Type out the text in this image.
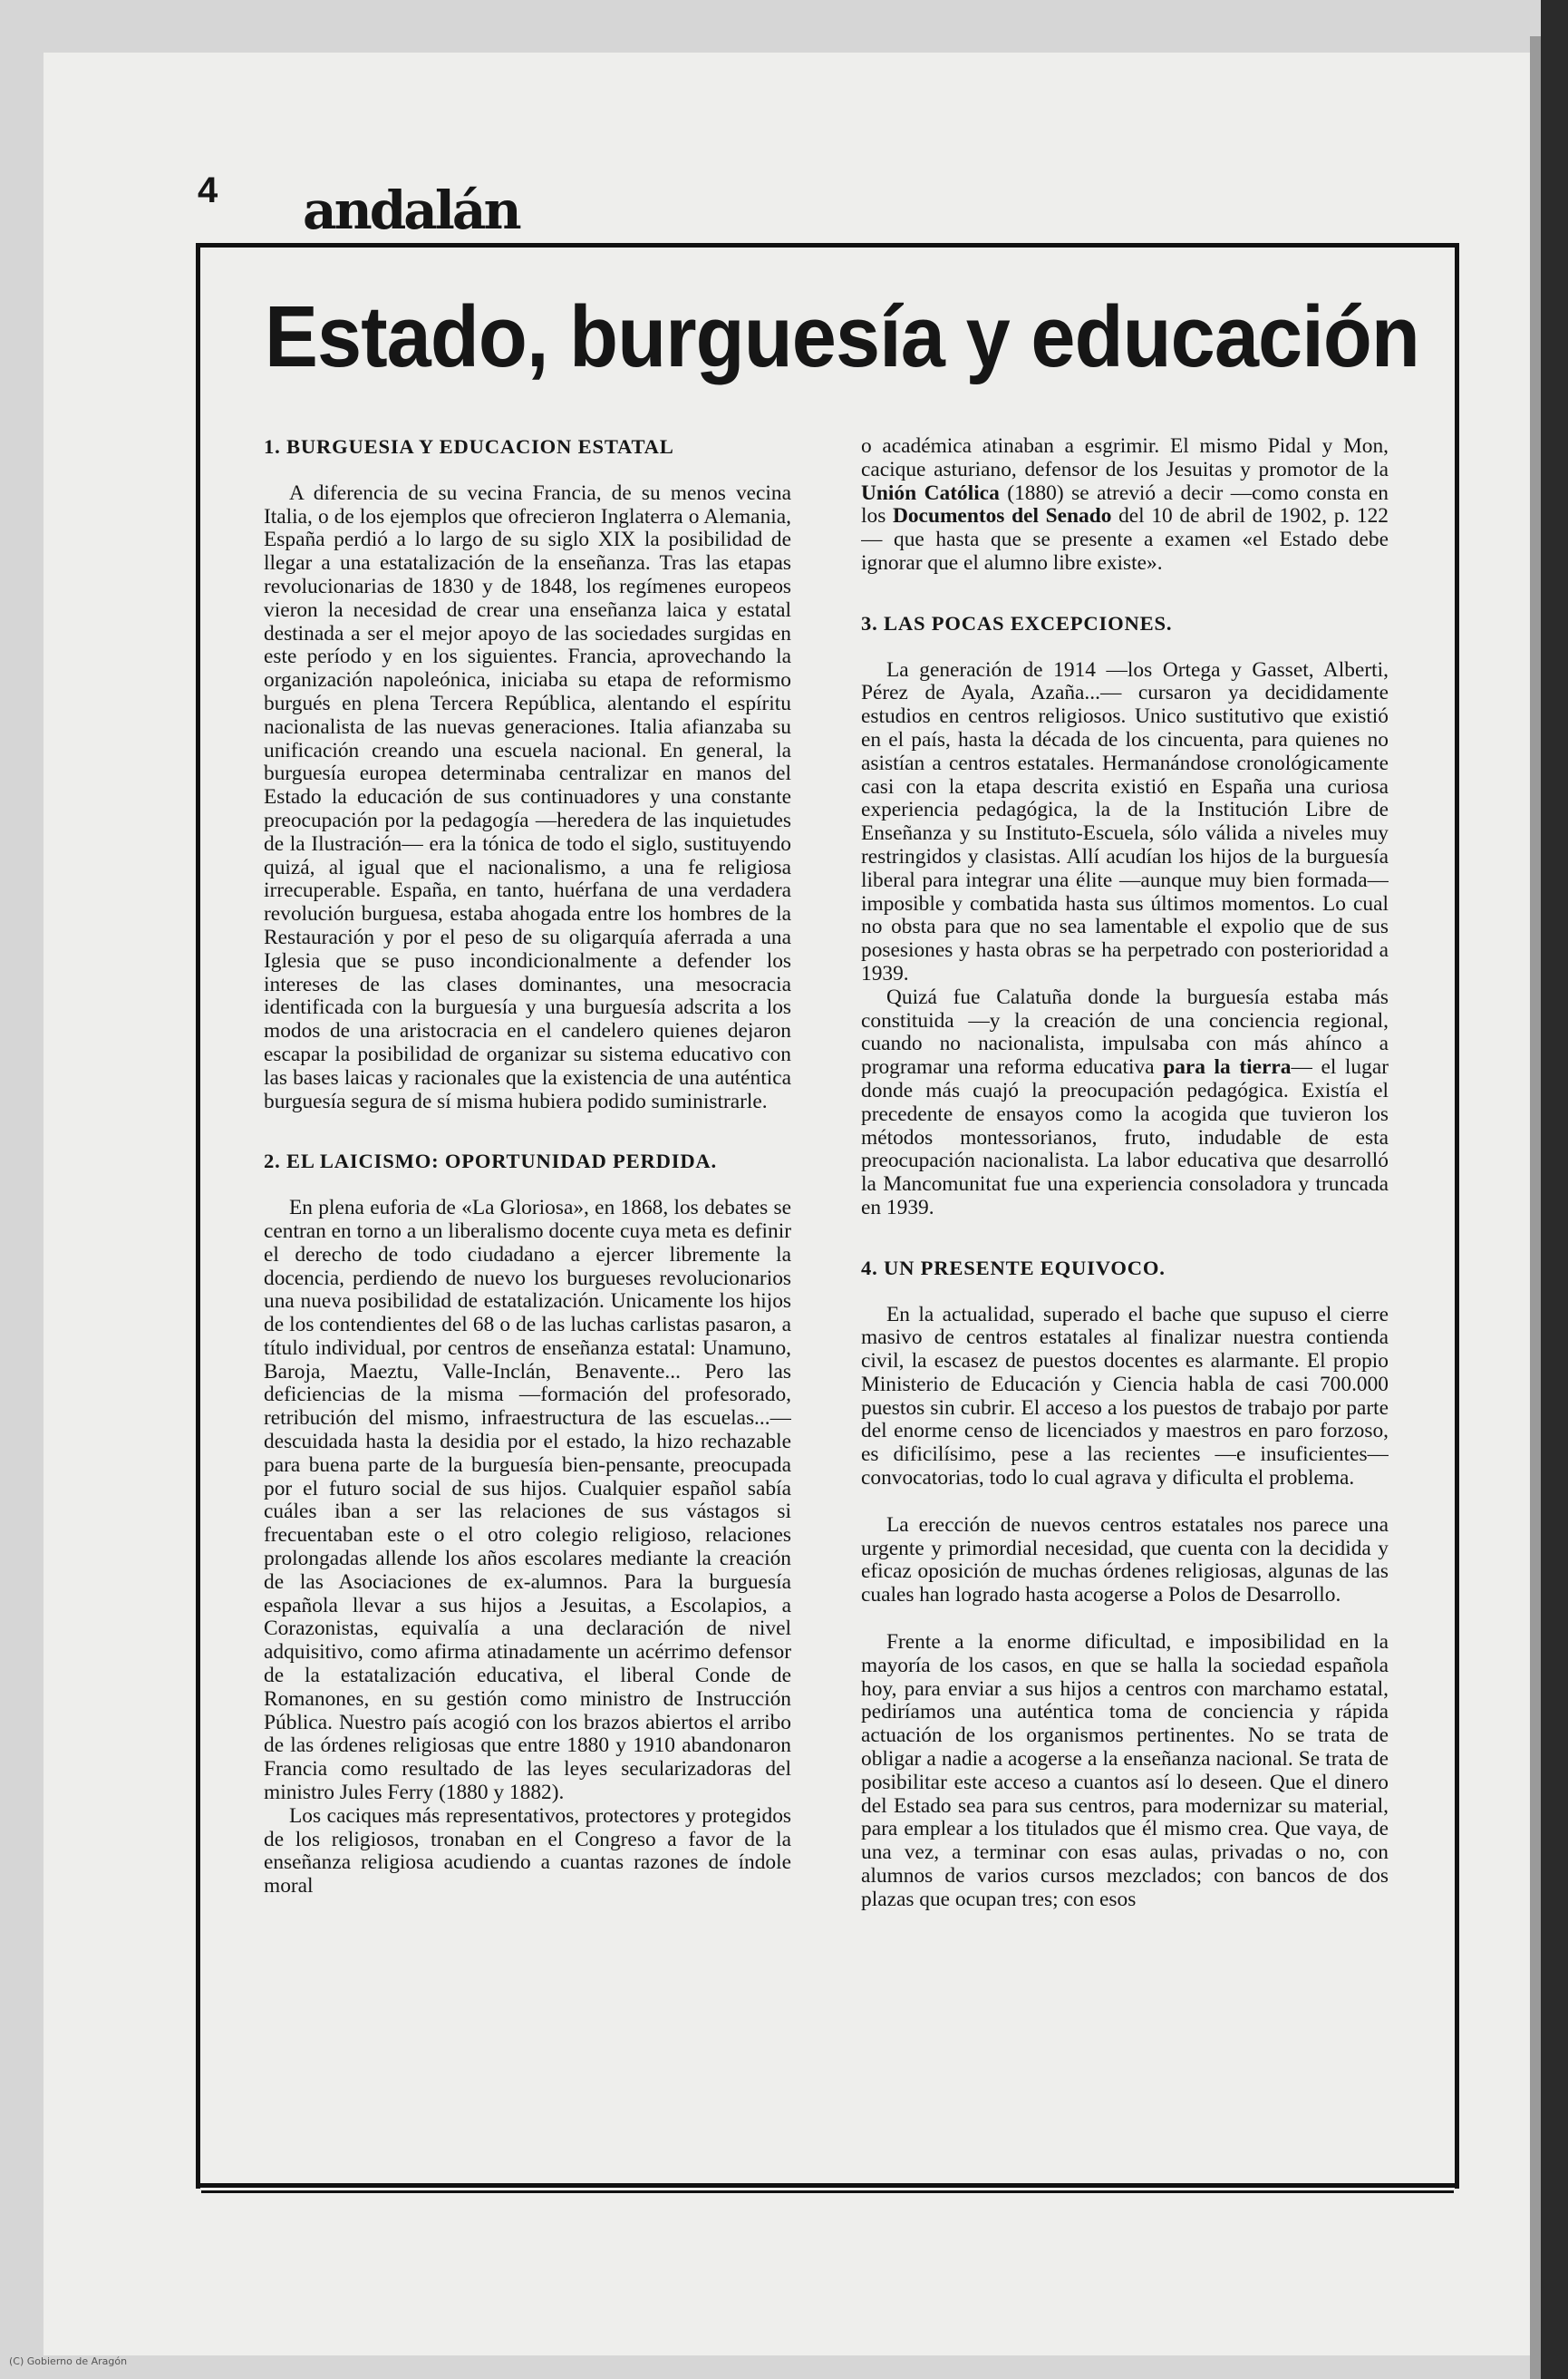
4 andalán
Estado, burguesía y educación
1. BURGUESIA Y EDUCACION ESTATAL

A diferencia de su vecina Francia, de su menos vecina Italia, o de los ejemplos que ofrecieron Inglaterra o Alemania, España perdió a lo largo de su siglo XIX la posibilidad de llegar a una estatalización de la enseñanza. Tras las etapas revolucionarias de 1830 y de 1848, los regímenes europeos vieron la necesidad de crear una enseñanza laica y estatal destinada a ser el mejor apoyo de las sociedades surgidas en este período y en los siguientes. Francia, aprovechando la organización napoleónica, iniciaba su etapa de reformismo burgués en plena Tercera República, alentando el espíritu nacionalista de las nuevas generaciones. Italia afianzaba su unificación creando una escuela nacional. En general, la burguesía europea determinaba centralizar en manos del Estado la educación de sus continuadores y una constante preocupación por la pedagogía —heredera de las inquietudes de la Ilustración— era la tónica de todo el siglo, sustituyendo quizá, al igual que el nacionalismo, a una fe religiosa irrecuperable. España, en tanto, huérfana de una verdadera revolución burguesa, estaba ahogada entre los hombres de la Restauración y por el peso de su oligarquía aferrada a una Iglesia que se puso incondicionalmente a defender los intereses de las clases dominantes, una mesocracia identificada con la burguesía y una burguesía adscrita a los modos de una aristocracia en el candelero quienes dejaron escapar la posibilidad de organizar su sistema educativo con las bases laicas y racionales que la existencia de una auténtica burguesía segura de sí misma hubiera podido suministrarle.

2. EL LAICISMO: OPORTUNIDAD PERDIDA.

En plena euforia de «La Gloriosa», en 1868, los debates se centran en torno a un liberalismo docente cuya meta es definir el derecho de todo ciudadano a ejercer libremente la docencia, perdiendo de nuevo los burgueses revolucionarios una nueva posibilidad de estatalización. Unicamente los hijos de los contendientes del 68 o de las luchas carlistas pasaron, a título individual, por centros de enseñanza estatal: Unamuno, Baroja, Maeztu, Valle-Inclán, Benavente... Pero las deficiencias de la misma —formación del profesorado, retribución del mismo, infraestructura de las escuelas...— descuidada hasta la desidia por el estado, la hizo rechazable para buena parte de la burguesía bien-pensante, preocupada por el futuro social de sus hijos. Cualquier español sabía cuáles iban a ser las relaciones de sus vástagos si frecuentaban este o el otro colegio religioso, relaciones prolongadas allende los años escolares mediante la creación de las Asociaciones de ex-alumnos. Para la burguesía española llevar a sus hijos a Jesuitas, a Escolapios, a Corazonistas, equivalía a una declaración de nivel adquisitivo, como afirma atinadamente un acérrimo defensor de la estatalización educativa, el liberal Conde de Romanones, en su gestión como ministro de Instrucción Pública. Nuestro país acogió con los brazos abiertos el arribo de las órdenes religiosas que entre 1880 y 1910 abandonaron Francia como resultado de las leyes secularizadoras del ministro Jules Ferry (1880 y 1882).

Los caciques más representativos, protectores y protegidos de los religiosos, tronaban en el Congreso a favor de la enseñanza religiosa acudiendo a cuantas razones de índole moral

o académica atinaban a esgrimir. El mismo Pidal y Mon, cacique asturiano, defensor de los Jesuitas y promotor de la Unión Católica (1880) se atrevió a decir —como consta en los Documentos del Senado del 10 de abril de 1902, p. 122— que hasta que se presente a examen «el Estado debe ignorar que el alumno libre existe».

3. LAS POCAS EXCEPCIONES.

La generación de 1914 —los Ortega y Gasset, Alberti, Pérez de Ayala, Azaña...— cursaron ya decididamente estudios en centros religiosos. Unico sustitutivo que existió en el país, hasta la década de los cincuenta, para quienes no asistían a centros estatales. Hermanándose cronológicamente casi con la etapa descrita existió en España una curiosa experiencia pedagógica, la de la Institución Libre de Enseñanza y su Instituto-Escuela, sólo válida a niveles muy restringidos y clasistas. Allí acudían los hijos de la burguesía liberal para integrar una élite —aunque muy bien formada— imposible y combatida hasta sus últimos momentos. Lo cual no obsta para que no sea lamentable el expolio que de sus posesiones y hasta obras se ha perpetrado con posterioridad a 1939.

Quizá fue Calatuña donde la burguesía estaba más constituida —y la creación de una conciencia regional, cuando no nacionalista, impulsaba con más ahínco a programar una reforma educativa para la tierra— el lugar donde más cuajó la preocupación pedagógica. Existía el precedente de ensayos como la acogida que tuvieron los métodos montessorianos, fruto, indudable de esta preocupación nacionalista. La labor educativa que desarrolló la Mancomunitat fue una experiencia consoladora y truncada en 1939.

4. UN PRESENTE EQUIVOCO.

En la actualidad, superado el bache que supuso el cierre masivo de centros estatales al finalizar nuestra contienda civil, la escasez de puestos docentes es alarmante. El propio Ministerio de Educación y Ciencia habla de casi 700.000 puestos sin cubrir. El acceso a los puestos de trabajo por parte del enorme censo de licenciados y maestros en paro forzoso, es dificilísimo, pese a las recientes —e insuficientes— convocatorias, todo lo cual agrava y dificulta el problema.

La erección de nuevos centros estatales nos parece una urgente y primordial necesidad, que cuenta con la decidida y eficaz oposición de muchas órdenes religiosas, algunas de las cuales han logrado hasta acogerse a Polos de Desarrollo.

Frente a la enorme dificultad, e imposibilidad en la mayoría de los casos, en que se halla la sociedad española hoy, para enviar a sus hijos a centros con marchamo estatal, pediríamos una auténtica toma de conciencia y rápida actuación de los organismos pertinentes. No se trata de obligar a nadie a acogerse a la enseñanza nacional. Se trata de posibilitar este acceso a cuantos así lo deseen. Que el dinero del Estado sea para sus centros, para modernizar su material, para emplear a los titulados que él mismo crea. Que vaya, de una vez, a terminar con esas aulas, privadas o no, con alumnos de varios cursos mezclados; con bancos de dos plazas que ocupan tres; con esos

(C) Gobierno de Aragón
